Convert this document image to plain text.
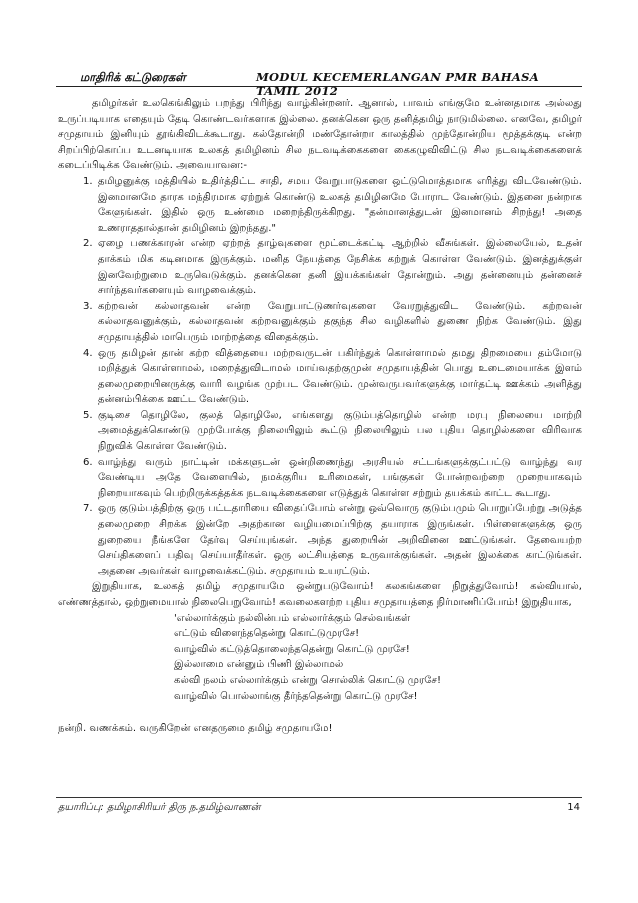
மாதிரிக் கட்டுரைகள்	MODUL KECEMERLANGAN PMR BAHASA TAMIL 2012

தமிழர்கள் உலகெங்கிலும் பறந்து பிரிந்து வாழ்கின்றனர். ஆனால், பாவம் எங்குமே உன்னதமாக அல்லது உருப்படியாக எதையும் தேடி கொண்டவர்களாக இல்லை. தனக்கென ஒரு தனித்தமிழ் நாடுமில்லை. எனவே, தமிழர் சமுதாயம் இனியும் தூங்கிவிடக்கூடாது. கல்தோன்றி மண்தோன்றா காலத்தில் முந்தோன்றிய மூத்தக்குடி என்ற சிறப்பிற்கொப்ப உடனடியாக உலகத் தமிழினம் சில நடவடிக்கைகளை கைகழுவிவிட்டு சில நடவடிக்கைகளைக் கடைப்பிடிக்க வேண்டும். அவையாவன:-

1. தமிழனுக்கு மத்தியில் உதிர்த்திட்ட சாதி, சமய வேறுபாடுகளை ஒட்டுமொத்தமாக எரித்து விடவேண்டும். இனமானமே தாரக மந்திரமாக ஏற்றுக் கொண்டு உலகத் தமிழினமே போராட வேண்டும். இதனை நன்றாக கேளுங்கள். இதில் ஒரு உண்மை மறைந்திருக்கிறது. "தன்மானத்துடன் இனமானம் சிறந்து! அதை உணராததால்தான் தமிழினம் இறந்தது."
2. ஏழை பணக்காரன் என்ற ஏற்றத் தாழ்வுகளை மூட்டைக்கட்டி ஆற்றில் வீசுங்கள். இல்லையேல், உதன் தாக்கம் மிக கடினமாக இருக்கும். மனித நேயத்தை நேசிக்க கற்றுக் கொள்ள வேண்டும். இனத்துக்குள் இனவேற்றுமை உருவெடுக்கும். தனக்கென தனி இயக்கங்கள் தோன்றும். அது தன்னையும் தன்னைச் சார்ந்தவர்களையும் வாழவைக்கும்.
3. கற்றவன் கல்லாதவன் என்ற வேறுபாட்டுணர்வுகளை வேரறுத்துவிட வேண்டும். கற்றவன் கல்லாதவனுக்கும், கல்லாதவன் கற்றவனுக்கும் தகுந்த சில வழிகளில் துணை நிற்க வேண்டும். இது சமுதாயத்தில் மாபெரும் மாற்றத்தை விதைக்கும்.
4. ஒரு தமிழன் தான் கற்ற வித்தையை மற்றவருடன் பகிர்ந்துக் கொள்ளாமல் தமது திறமையை தம்மோடு மறித்துக் கொள்ளாமல், மறைத்துவிடாமல் மாய்வதற்குமுன் சமுதாயத்தின் பொது உடைமையாக்க இளம் தலைமுறையினருக்கு வாரி வழங்க முற்பட வேண்டும். முன்வருபவர்களுக்கு மார்தட்டி ஊக்கம் அளித்து தன்னம்பிக்கை ஊட்ட வேண்டும்.
5. குடிசை தொழிலே, குலத் தொழிலே, எங்களது குடும்பத்தொழில் என்ற மரபு நிலையை மாற்றி அமைத்துக்கொண்டு முற்போக்கு நிலையிலும் கூட்டு நிலையிலும் பல புதிய தொழில்களை விரிவாக நிறுவிக் கொள்ள வேண்டும்.
6. வாழ்ந்து வரும் நாட்டின் மக்களுடன் ஒன்றிணைந்து அரசியல் சட்டங்களுக்குட்பட்டு வாழ்ந்து வர வேண்டிய அதே வேளையில், நமக்குரிய உரிமைகள், பங்குகள் போன்றவற்றை முறையாகவும் நிறையாகவும் பெற்றிருக்கத்தக்க நடவடிக்கைகளை எடுத்துக் கொள்ள சற்றும் தயக்கம் காட்ட கூடாது.
7. ஒரு குடும்பத்திற்கு ஒரு பட்டதாரியை விதைப்போம் என்று ஒவ்வொரு குடும்பமும் பொறுப்பேற்று அடுத்த தலைமுறை சிறக்க இன்றே அதற்கான வழியமைப்பிற்கு தயாராக இருங்கள். பிள்ளைகளுக்கு ஒரு துறையை நீங்களே தேர்வு செய்யுங்கள். அந்த துறையின் அறிவினை ஊட்டுங்கள். தேவையற்ற செய்திகளைப் பதிவு செய்யாதீர்கள். ஒரு லட்சியத்தை உருவாக்குங்கள். அதன் இலக்கை காட்டுங்கள். அதனை அவர்கள் வாழவைக்கட்டும். சமுதாயம் உயரட்டும்.

இறுதியாக, உலகத் தமிழ் சமுதாயமே ஒன்றுபடுவோம்! கலகங்களை நிறுத்துவோம்! கல்வியால், எண்ணத்தால், ஒற்றுமையால் நிலைபெறுவோம்! கவலைகளற்ற புதிய சமுதாயத்தை நிர்மாணிப்போம்! இறுதியாக,

'எல்லார்க்கும் நல்லின்பம் எல்லார்க்கும் செல்வங்கள்
எட்டும் விளைந்ததென்று கொட்டுமுரசே!
வாழ்வில் கட்டுத்தொலைந்ததென்று கொட்டு முரசே!
இல்லாமை என்னும் பிணி இல்லாமல்
கல்வி நலம் எல்லார்க்கும் என்று சொல்லிக் கொட்டு முரசே!
வாழ்வில் பொல்லாங்கு தீர்ந்ததென்று கொட்டு முரசே!

நன்றி. வணக்கம். வருகிறேன் எனதருமை தமிழ் சமுதாயமே!

தயாரிப்பு: தமிழாசிரியர் திரு ந.தமிழ்வாணன்	14
